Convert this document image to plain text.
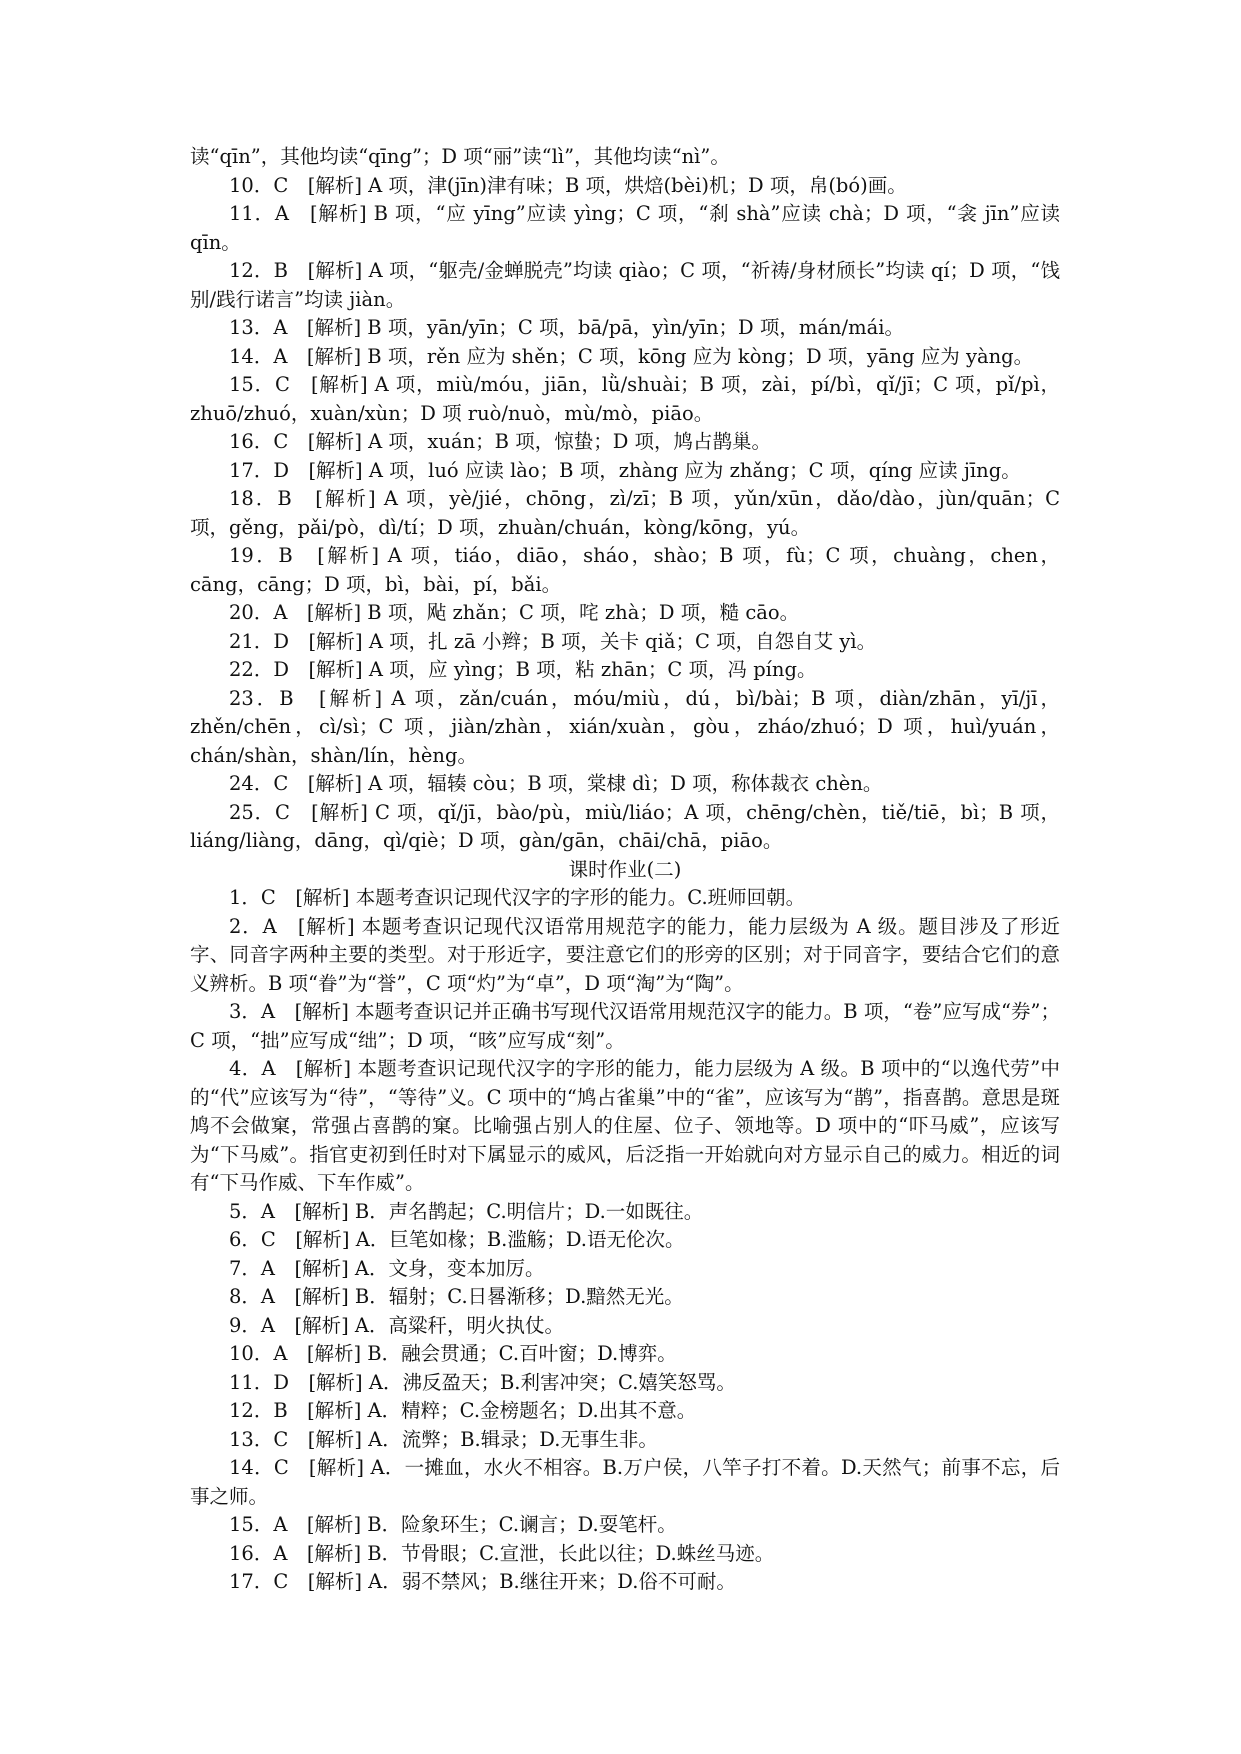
读“qīn”，其他均读“qīng”；D 项“丽”读“lì”，其他均读“nì”。

10．C　[解析] A 项，津(jīn)津有味；B 项，烘焙(bèi)机；D 项，帛(bó)画。

11．A　[解析] B 项，“应 yīng”应读 yìng；C 项，“刹 shà”应读 chà；D 项，“衾 jīn”应读 qīn。

12．B　[解析] A 项，“躯壳/金蝉脱壳”均读 qiào；C 项，“祈祷/身材颀长”均读 qí；D 项，“饯别/践行诺言”均读 jiàn。

13．A　[解析] B 项，yān/yīn；C 项，bā/pā，yìn/yīn；D 项，mán/mái。

14．A　[解析] B 项，rěn 应为 shěn；C 项，kōng 应为 kòng；D 项，yāng 应为 yàng。

15．C　[解析] A 项，miù/móu，jiān，lǜ/shuài；B 项，zài，pí/bì，qǐ/jī；C 项，pǐ/pì，zhuō/zhuó，xuàn/xùn；D 项 ruò/nuò，mù/mò，piāo。

16．C　[解析] A 项，xuán；B 项，惊蛰；D 项，鸠占鹊巢。

17．D　[解析] A 项，luó 应读 lào；B 项，zhàng 应为 zhǎng；C 项，qíng 应读 jīng。

18．B　[解析] A 项，yè/jié，chōng，zì/zī；B 项，yǔn/xūn，dǎo/dào，jùn/quān；C 项，gěng，pǎi/pò，dì/tí；D 项，zhuàn/chuán，kòng/kōng，yú。

19．B　[解析] A 项，tiáo，diāo，sháo，shào；B 项，fù；C 项，chuàng，chen，cāng，cāng；D 项，bì，bài，pí，bǎi。

20．A　[解析] B 项，飐 zhǎn；C 项，咤 zhà；D 项，糙 cāo。

21．D　[解析] A 项，扎 zā 小辫；B 项，关卡 qiǎ；C 项，自怨自艾 yì。

22．D　[解析] A 项，应 yìng；B 项，粘 zhān；C 项，冯 píng。

23．B　[解析] A 项，zǎn/cuán，móu/miù，dú，bì/bài；B 项，diàn/zhān，yī/jī，zhěn/chēn，cì/sì；C 项，jiàn/zhàn，xián/xuàn，gòu，zháo/zhuó；D 项，huì/yuán，chán/shàn，shàn/lín，hèng。

24．C　[解析] A 项，辐辏 còu；B 项，棠棣 dì；D 项，称体裁衣 chèn。

25．C　[解析] C 项，qǐ/jī，bào/pù，miù/liáo；A 项，chēng/chèn，tiě/tiē，bì；B 项，liáng/liàng，dāng，qì/qiè；D 项，gàn/gān，chāi/chā，piāo。

课时作业(二)

1．C　[解析] 本题考查识记现代汉字的字形的能力。C.班师回朝。

2．A　[解析] 本题考查识记现代汉语常用规范字的能力，能力层级为 A 级。题目涉及了形近字、同音字两种主要的类型。对于形近字，要注意它们的形旁的区别；对于同音字，要结合它们的意义辨析。B 项“眷”为“誉”，C 项“灼”为“卓”，D 项“淘”为“陶”。

3．A　[解析] 本题考查识记并正确书写现代汉语常用规范汉字的能力。B 项，“卷”应写成“券”；C 项，“拙”应写成“绌”；D 项，“晐”应写成“刻”。

4．A　[解析] 本题考查识记现代汉字的字形的能力，能力层级为 A 级。B 项中的“以逸代劳”中的“代”应该写为“待”，“等待”义。C 项中的“鸠占雀巢”中的“雀”，应该写为“鹊”，指喜鹊。意思是斑鸠不会做窠，常强占喜鹊的窠。比喻强占别人的住屋、位子、领地等。D 项中的“吓马威”，应该写为“下马威”。指官吏初到任时对下属显示的威风，后泛指一开始就向对方显示自己的威力。相近的词有“下马作威、下车作威”。

5．A　[解析] B．声名鹊起；C.明信片；D.一如既往。

6．C　[解析] A．巨笔如椽；B.滥觞；D.语无伦次。

7．A　[解析] A．文身，变本加厉。

8．A　[解析] B．辐射；C.日晷渐移；D.黯然无光。

9．A　[解析] A．高粱秆，明火执仗。

10．A　[解析] B．融会贯通；C.百叶窗；D.博弈。

11．D　[解析] A．沸反盈天；B.利害冲突；C.嬉笑怒骂。

12．B　[解析] A．精粹；C.金榜题名；D.出其不意。

13．C　[解析] A．流弊；B.辑录；D.无事生非。

14．C　[解析] A．一摊血，水火不相容。B.万户侯，八竿子打不着。D.天然气；前事不忘，后事之师。

15．A　[解析] B．险象环生；C.谰言；D.耍笔杆。

16．A　[解析] B．节骨眼；C.宣泄，长此以往；D.蛛丝马迹。

17．C　[解析] A．弱不禁风；B.继往开来；D.俗不可耐。
